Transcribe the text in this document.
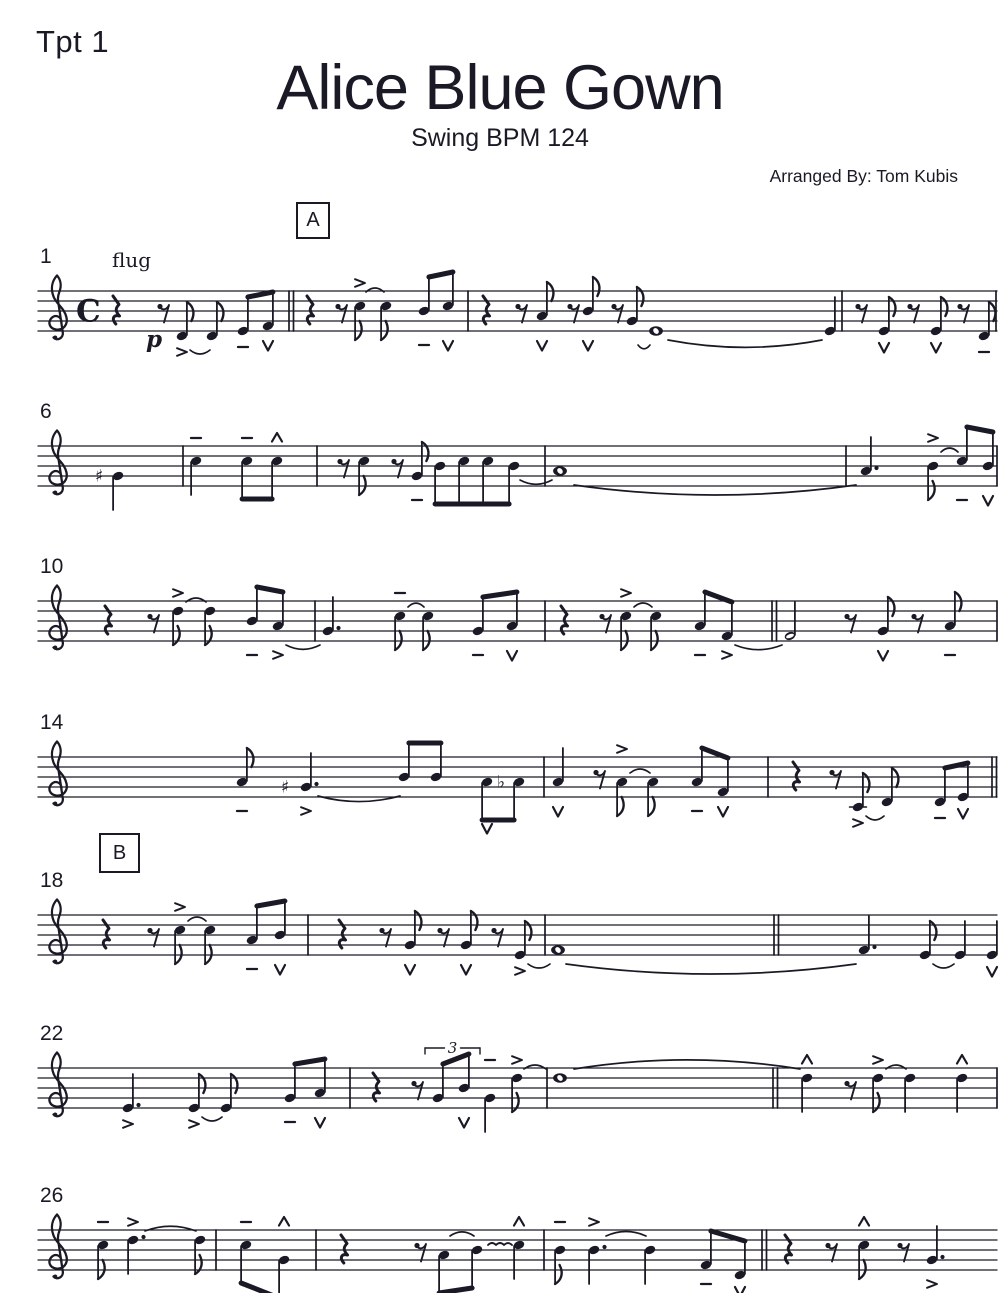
Tpt 1
Alice Blue Gown
Swing BPM 124
Arranged By: Tom Kubis
A
B
1
C
flug
p
6
♯
10
14
♯	♭
18
22
3
26
